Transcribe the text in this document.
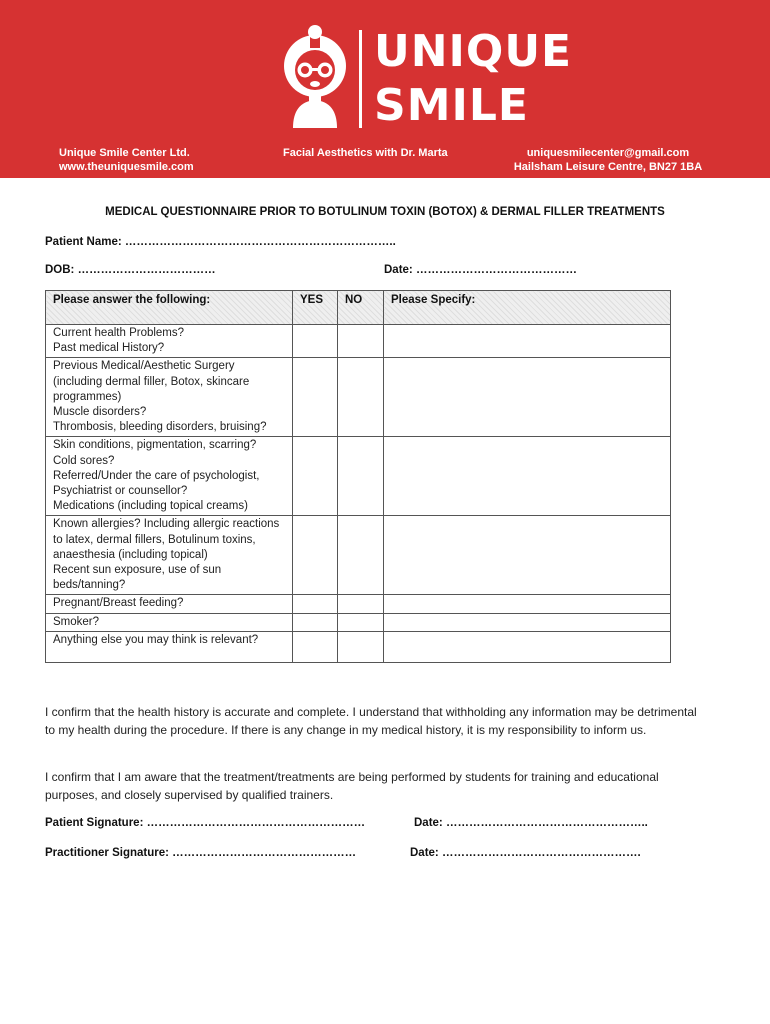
UNIQUE
SMILE
Unique Smile Center Ltd.
www.theuniquesmile.com
Facial Aesthetics with Dr. Marta	uniquesmilecenter@gmail.com
Hailsham Leisure Centre, BN27 1BA
MEDICAL QUESTIONNAIRE PRIOR TO BOTULINUM TOXIN (BOTOX) & DERMAL FILLER TREATMENTS
Patient Name: ……………………………………………………………..
DOB: ………………………………	Date: ……………………………………
Please answer the following:	YES	NO	Please Specify:

Current health Problems?
Past medical History?			

Previous Medical/Aesthetic Surgery (including dermal filler, Botox, skincare programmes)
Muscle disorders?
Thrombosis, bleeding disorders, bruising?			

Skin conditions, pigmentation, scarring?
Cold sores?
Referred/Under the care of psychologist, Psychiatrist or counsellor?
Medications (including topical creams)			

Known allergies? Including allergic reactions to latex, dermal fillers, Botulinum toxins, anaesthesia (including topical)
Recent sun exposure, use of sun beds/tanning?			

Pregnant/Breast feeding?			

Smoker?			

Anything else you may think is relevant?			

I confirm that the health history is accurate and complete. I understand that withholding any information may be detrimental to my health during the procedure. If there is any change in my medical history, it is my responsibility to inform us.
I confirm that I am aware that the treatment/treatments are being performed by students for training and educational purposes, and closely supervised by qualified trainers.
Patient Signature: …………………………………………………	Date: ……………………………………………..
Practitioner Signature: …………………………………………	Date: …………………………………………….
